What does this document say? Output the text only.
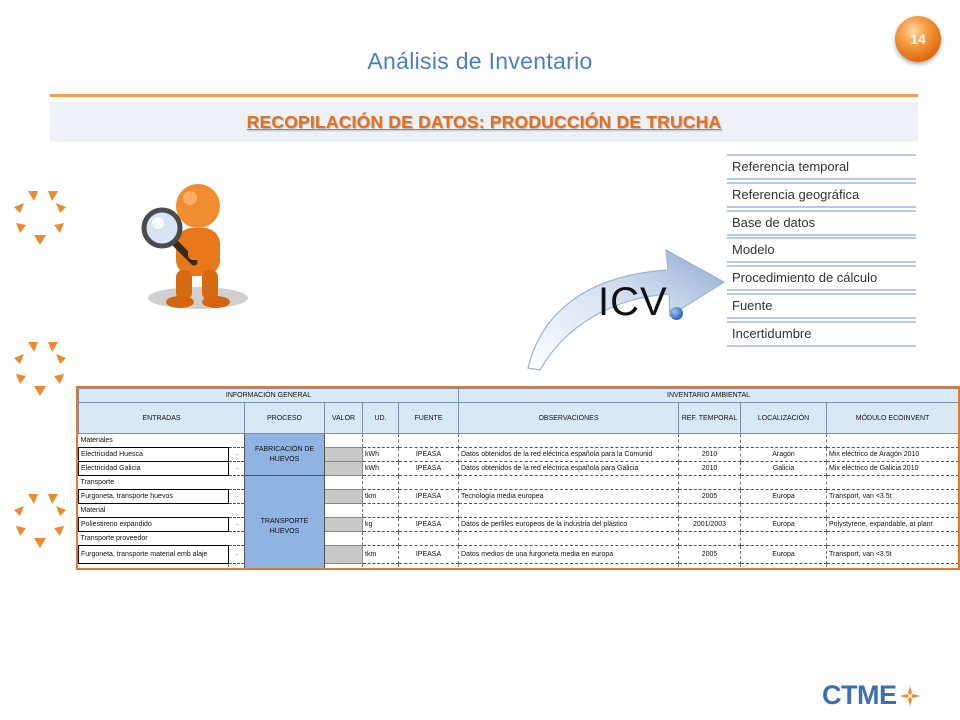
Análisis de Inventario
14
RECOPILACIÓN DE DATOS: PRODUCCIÓN DE TRUCHA
Referencia temporal
Referencia geográfica
Base de datos
Modelo
Procedimiento de cálculo
Fuente
Incertidumbre
ICV
INFORMACIÓN GENERAL						INVENTARIO AMBIENTAL			
ENTRADAS		PROCESO	VALOR	UD.	FUENTE	OBSERVACIONES	REF. TEMPORAL	LOCALIZACIÓN	MÓDULO ECOINVENT
Materiales		FABRICACIÓN DE HUEVOS							
Electricidad Huesca	→			kWh	IPEASA	Datos obtenidos de la red eléctrica española para la Comunid	2010	Aragón	Mix eléctrico de Aragón 2010
Electricidad Galicia	→			kWh	IPEASA	Datos obtenidos de la red eléctrica española para Galicia	2010	Galicia	Mix eléctrico de Galicia 2010
Transporte		TRANSPORTE HUEVOS							
Furgoneta, transporte huevos	→			tkm	IPEASA	Tecnología media europea	2005	Europa	Transport, van <3.5t
Material									
Poliestireno expandido	→			kg	IPEASA	Datos de perfiles europeos de la industria del plástico	2001/2003	Europa	Polystyrene, expandable, at plant
Transporte proveedor									
Furgoneta, transporte material emb alaje	→			tkm	IPEASA	Datos medios de una furgoneta media en europa	2005	Europa	Transport, van <3.5t

CTME
